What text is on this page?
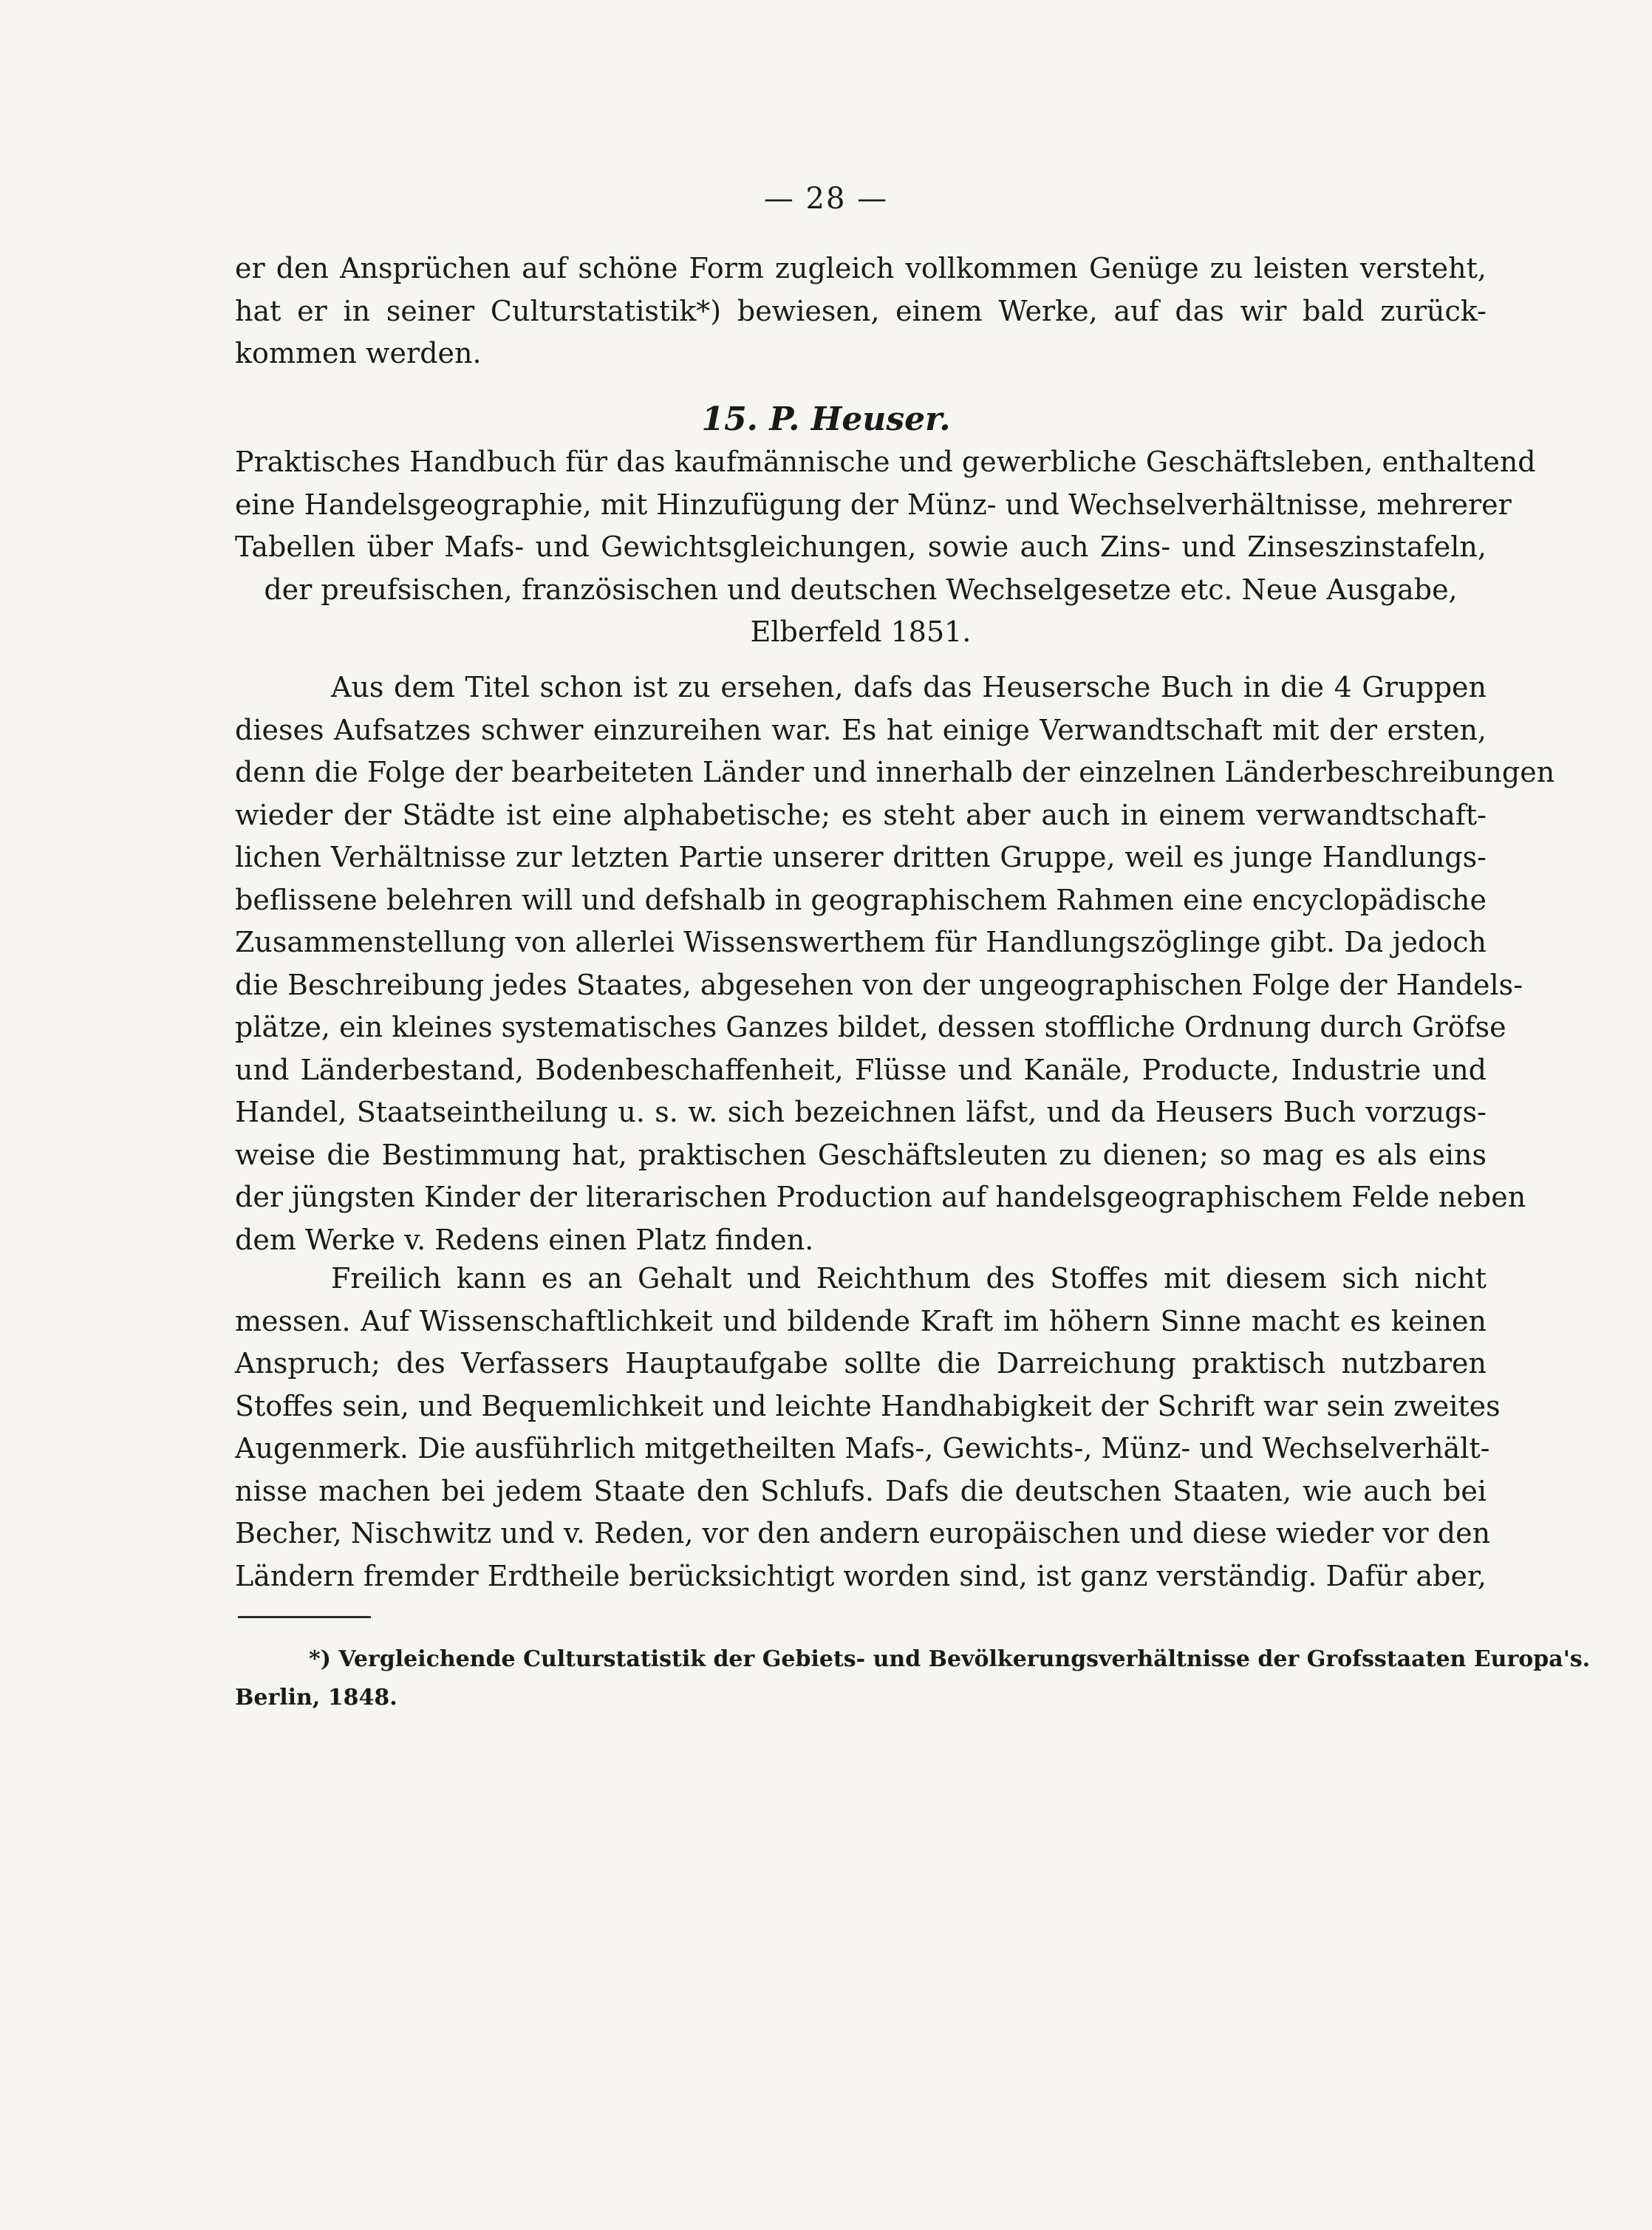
— 28 —
er den Ansprüchen auf schöne Form zugleich vollkommen Genüge zu leisten versteht,
hat er in seiner Culturstatistik*) bewiesen, einem Werke, auf das wir bald zurück-
kommen werden.
15. P. Heuser.
Praktisches Handbuch für das kaufmännische und gewerbliche Geschäftsleben, enthaltend
eine Handelsgeographie, mit Hinzufügung der Münz- und Wechselverhältnisse, mehrerer
Tabellen über Mafs- und Gewichtsgleichungen, sowie auch Zins- und Zinseszinstafeln,
der preufsischen, französischen und deutschen Wechselgesetze etc. Neue Ausgabe,
Elberfeld 1851.
Aus dem Titel schon ist zu ersehen, dafs das Heusersche Buch in die 4 Gruppen
dieses Aufsatzes schwer einzureihen war. Es hat einige Verwandtschaft mit der ersten,
denn die Folge der bearbeiteten Länder und innerhalb der einzelnen Länderbeschreibungen
wieder der Städte ist eine alphabetische; es steht aber auch in einem verwandtschaft-
lichen Verhältnisse zur letzten Partie unserer dritten Gruppe, weil es junge Handlungs-
beflissene belehren will und defshalb in geographischem Rahmen eine encyclopädische
Zusammenstellung von allerlei Wissenswerthem für Handlungszöglinge gibt. Da jedoch
die Beschreibung jedes Staates, abgesehen von der ungeographischen Folge der Handels-
plätze, ein kleines systematisches Ganzes bildet, dessen stoffliche Ordnung durch Gröfse
und Länderbestand, Bodenbeschaffenheit, Flüsse und Kanäle, Producte, Industrie und
Handel, Staatseintheilung u. s. w. sich bezeichnen läfst, und da Heusers Buch vorzugs-
weise die Bestimmung hat, praktischen Geschäftsleuten zu dienen; so mag es als eins
der jüngsten Kinder der literarischen Production auf handelsgeographischem Felde neben
dem Werke v. Redens einen Platz finden.
Freilich kann es an Gehalt und Reichthum des Stoffes mit diesem sich nicht
messen. Auf Wissenschaftlichkeit und bildende Kraft im höhern Sinne macht es keinen
Anspruch; des Verfassers Hauptaufgabe sollte die Darreichung praktisch nutzbaren
Stoffes sein, und Bequemlichkeit und leichte Handhabigkeit der Schrift war sein zweites
Augenmerk. Die ausführlich mitgetheilten Mafs-, Gewichts-, Münz- und Wechselverhält-
nisse machen bei jedem Staate den Schlufs. Dafs die deutschen Staaten, wie auch bei
Becher, Nischwitz und v. Reden, vor den andern europäischen und diese wieder vor den
Ländern fremder Erdtheile berücksichtigt worden sind, ist ganz verständig. Dafür aber,
*) Vergleichende Culturstatistik der Gebiets- und Bevölkerungsverhältnisse der Grofsstaaten Europa's.
Berlin, 1848.
